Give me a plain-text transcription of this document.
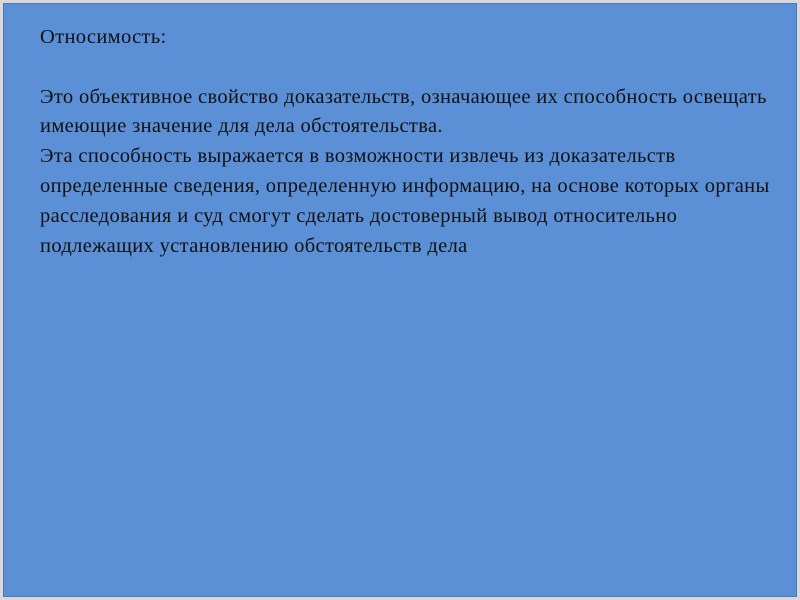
Относимость:

Это объективное свойство доказательств, означающее их способность освещать имеющие значение для дела обстоятельства.

Эта способность выражается в возможности извлечь из доказательств определенные сведения, определенную информацию, на основе которых органы расследования и суд смогут сделать достоверный вывод относительно подлежащих установлению обстоятельств дела
